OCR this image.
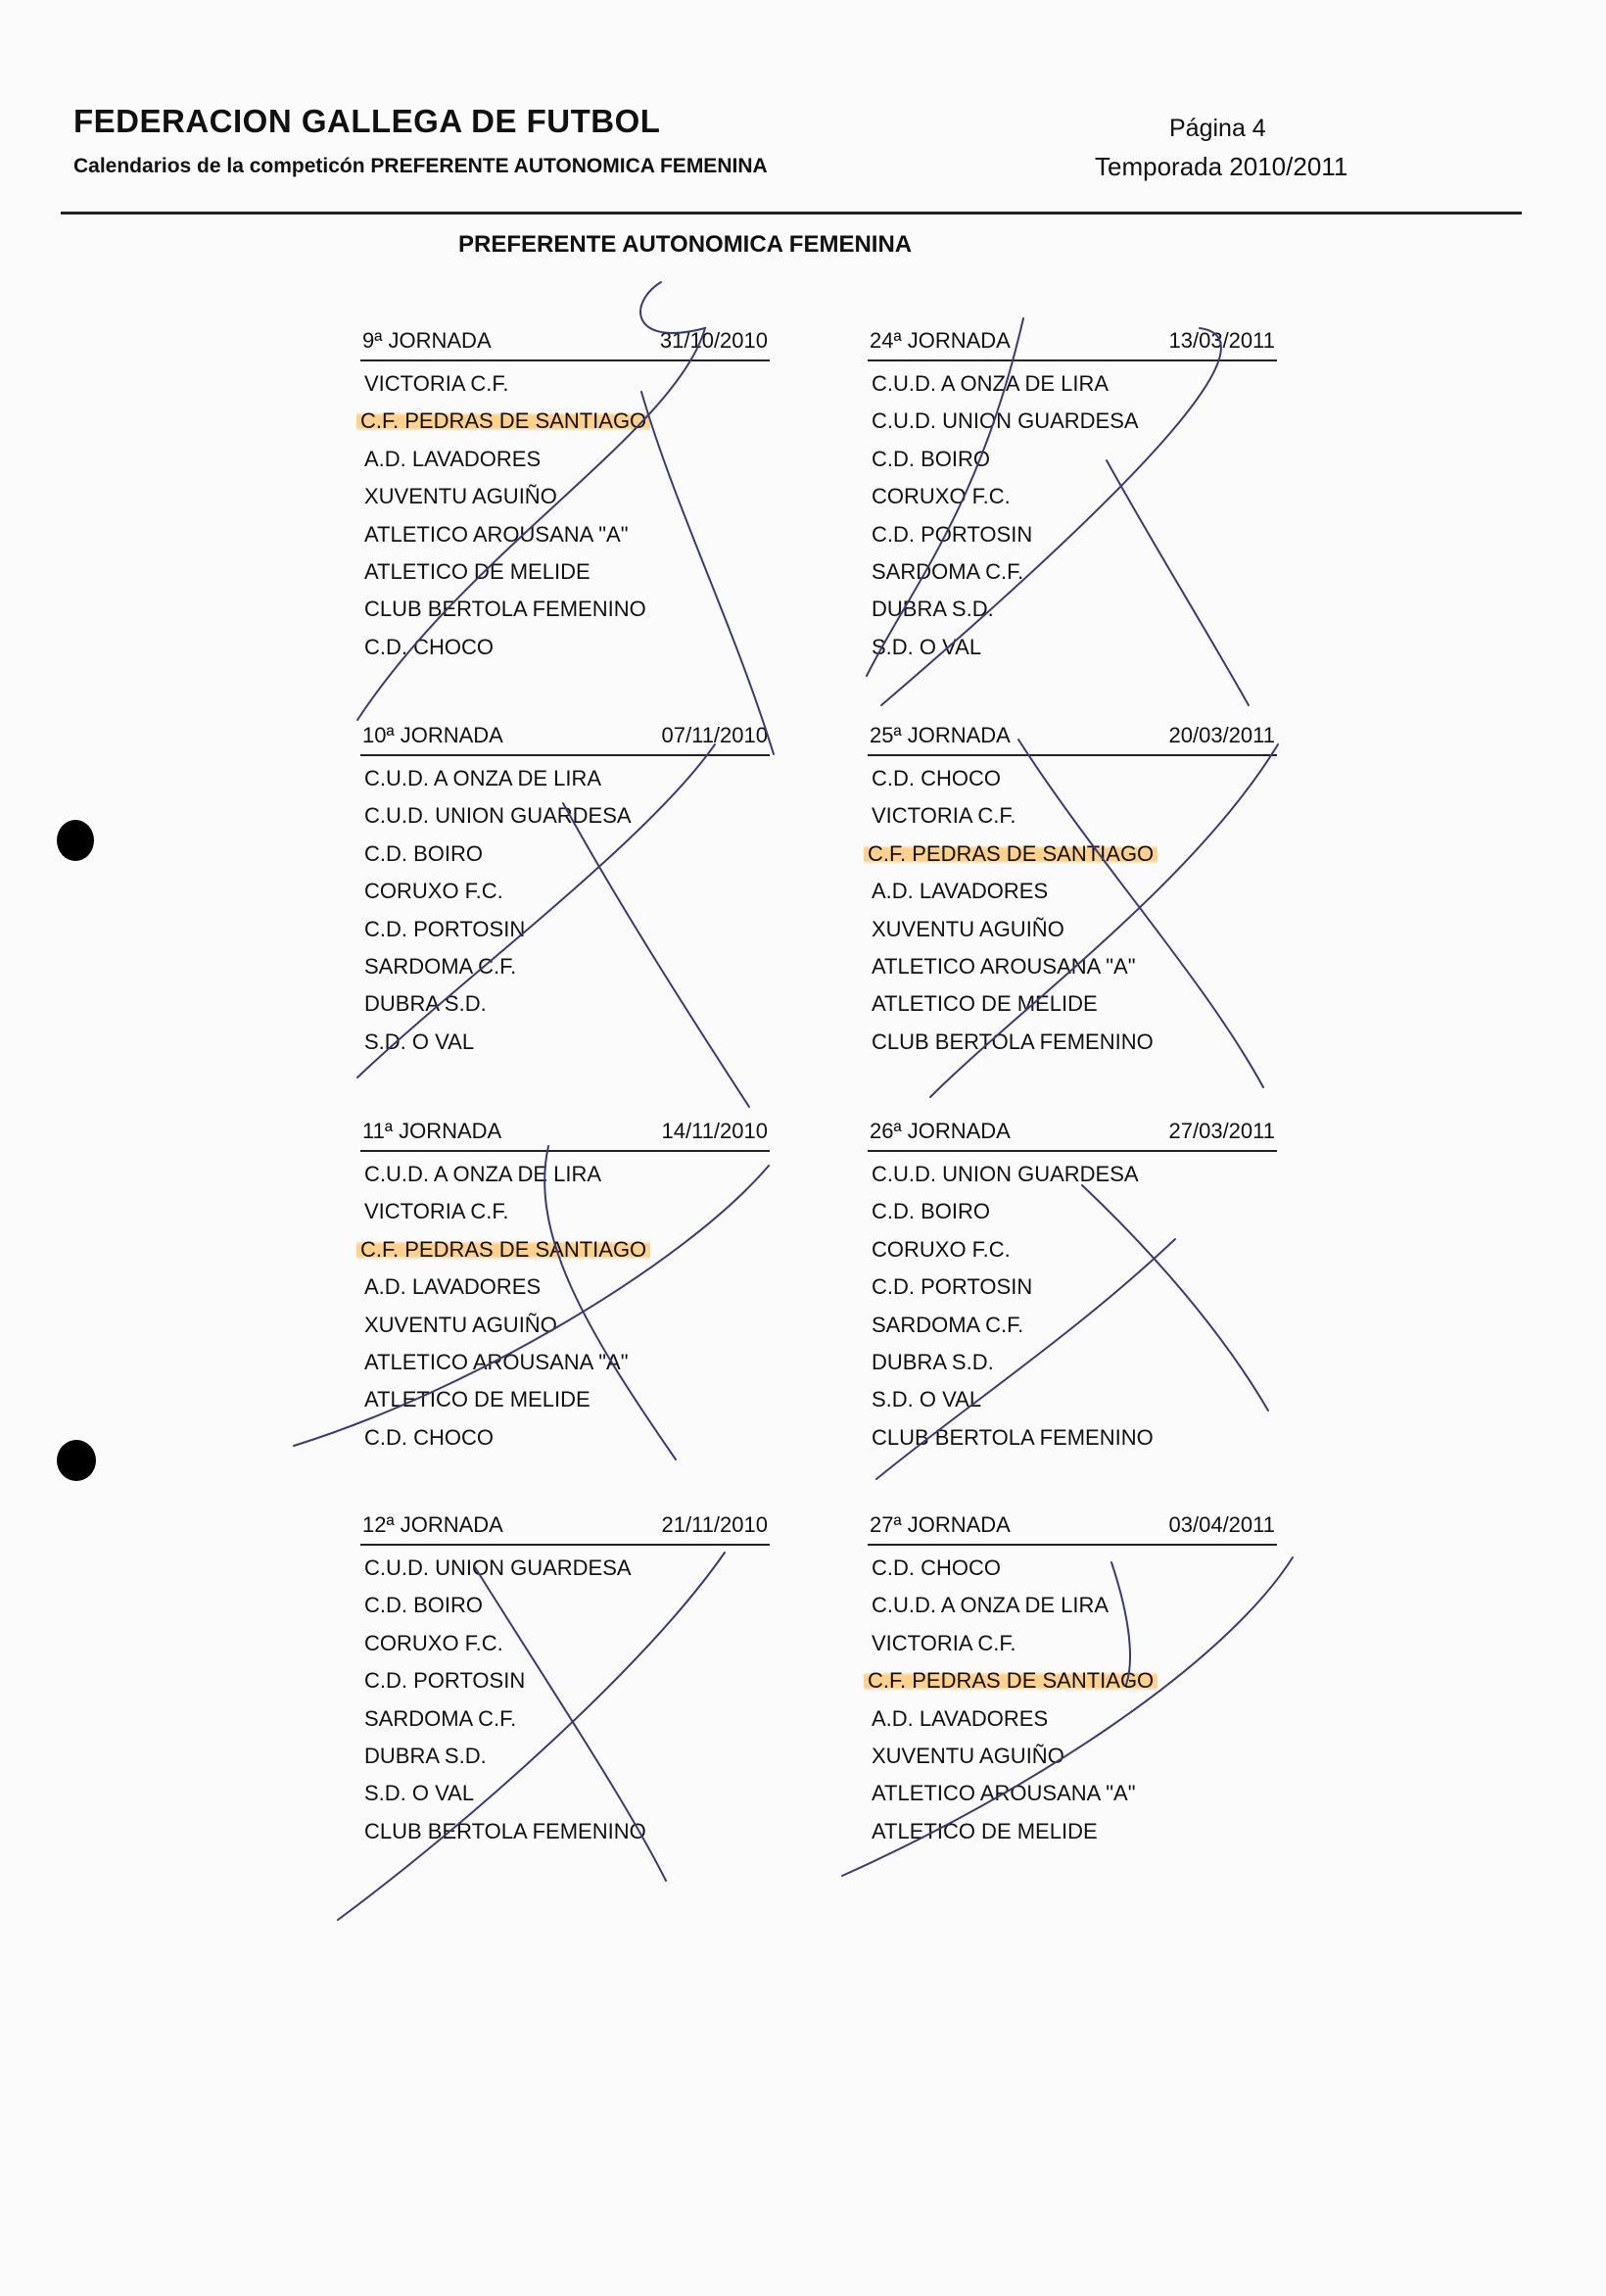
FEDERACION GALLEGA DE FUTBOL
Calendarios de la competicón PREFERENTE AUTONOMICA FEMENINA
Página 4
Temporada 2010/2011
PREFERENTE AUTONOMICA FEMENINA
9ª JORNADA	31/10/2010
VICTORIA C.F.
C.F. PEDRAS DE SANTIAGO
A.D. LAVADORES
XUVENTU AGUIÑO
ATLETICO AROUSANA "A"
ATLETICO DE MELIDE
CLUB BERTOLA FEMENINO
C.D. CHOCO
24ª JORNADA	13/03/2011
C.U.D. A ONZA DE LIRA
C.U.D. UNION GUARDESA
C.D. BOIRO
CORUXO F.C.
C.D. PORTOSIN
SARDOMA C.F.
DUBRA S.D.
S.D. O VAL
10ª JORNADA	07/11/2010
C.U.D. A ONZA DE LIRA
C.U.D. UNION GUARDESA
C.D. BOIRO
CORUXO F.C.
C.D. PORTOSIN
SARDOMA C.F.
DUBRA S.D.
S.D. O VAL
25ª JORNADA	20/03/2011
C.D. CHOCO
VICTORIA C.F.
C.F. PEDRAS DE SANTIAGO
A.D. LAVADORES
XUVENTU AGUIÑO
ATLETICO AROUSANA "A"
ATLETICO DE MELIDE
CLUB BERTOLA FEMENINO
11ª JORNADA	14/11/2010
C.U.D. A ONZA DE LIRA
VICTORIA C.F.
C.F. PEDRAS DE SANTIAGO
A.D. LAVADORES
XUVENTU AGUIÑO
ATLETICO AROUSANA "A"
ATLETICO DE MELIDE
C.D. CHOCO
26ª JORNADA	27/03/2011
C.U.D. UNION GUARDESA
C.D. BOIRO
CORUXO F.C.
C.D. PORTOSIN
SARDOMA C.F.
DUBRA S.D.
S.D. O VAL
CLUB BERTOLA FEMENINO
12ª JORNADA	21/11/2010
C.U.D. UNION GUARDESA
C.D. BOIRO
CORUXO F.C.
C.D. PORTOSIN
SARDOMA C.F.
DUBRA S.D.
S.D. O VAL
CLUB BERTOLA FEMENINO
27ª JORNADA	03/04/2011
C.D. CHOCO
C.U.D. A ONZA DE LIRA
VICTORIA C.F.
C.F. PEDRAS DE SANTIAGO
A.D. LAVADORES
XUVENTU AGUIÑO
ATLETICO AROUSANA "A"
ATLETICO DE MELIDE
